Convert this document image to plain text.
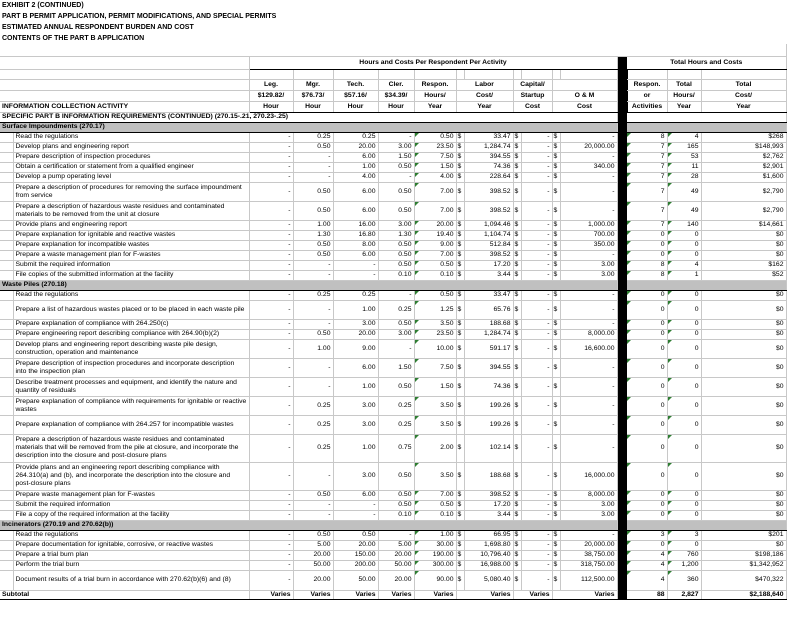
EXHIBIT 2 (CONTINUED)																
PART B PERMIT APPLICATION, PERMIT MODIFICATIONS, AND SPECIAL PERMITS																
ESTIMATED ANNUAL RESPONDENT BURDEN AND COST																
CONTENTS OF THE PART B APPLICATION																

		Hours and Costs Per Respondent Per Activity												Total Hours and Costs		

		Leg.	Mgr.	Tech.	Cler.	Respon.	Labor		Capital/					Respon.	Total	Total
		$129.82/	$76.73/	$57.16/	$34.39/	Hours/	Cost/		Startup		O & M			or	Hours/	Cost/
INFORMATION COLLECTION ACTIVITY		Hour	Hour	Hour	Hour	Year	Year		Cost		Cost			Activities	Year	Year
SPECIFIC PART B INFORMATION REQUIREMENTS (CONTINUED) (270.15-.21, 270.23-.25)																
Surface Impoundments (270.17)																
	Read the regulations	-	0.25	0.25	-	0.50	$	33.47	$	-	$	-		8	4	$268
	Develop plans and engineering report	-	0.50	20.00	3.00	23.50	$	1,284.74	$	-	$	20,000.00		7	165	$148,993
	Prepare description of inspection procedures	-	-	6.00	1.50	7.50	$	394.55	$	-	$	-		7	53	$2,762
	Obtain a certification or statement from a qualified engineer	-	-	1.00	0.50	1.50	$	74.36	$	-	$	340.00		7	11	$2,901
	Develop a pump operating level	-	-	4.00	-	4.00	$	228.64	$	-	$	-		7	28	$1,600
	Prepare a description of procedures for removing the surface impoundment from service	-	0.50	6.00	0.50	7.00	$	398.52	$	-	$	-		7	49	$2,790
	Prepare a description of hazardous waste residues and contaminated materials to be removed from the unit at closure	-	0.50	6.00	0.50	7.00	$	398.52	$	-	$	-		7	49	$2,790
	Provide plans and engineering report	-	1.00	16.00	3.00	20.00	$	1,094.46	$	-	$	1,000.00		7	140	$14,661
	Prepare explanation for ignitable and reactive wastes	-	1.30	16.80	1.30	19.40	$	1,104.74	$	-	$	700.00		0	0	$0
	Prepare explanation for incompatible wastes	-	0.50	8.00	0.50	9.00	$	512.84	$	-	$	350.00		0	0	$0
	Prepare a waste management plan for F-wastes	-	0.50	6.00	0.50	7.00	$	398.52	$	-	$	-		0	0	$0
	Submit the required information	-	-	-	0.50	0.50	$	17.20	$	-	$	3.00		8	4	$162
	File copies of the submitted information at the facility	-	-	-	0.10	0.10	$	3.44	$	-	$	3.00		8	1	$52
Waste Piles (270.18)																
	Read the regulations	-	0.25	0.25	-	0.50	$	33.47	$	-	$	-		0	0	$0
	Prepare a list of hazardous wastes placed or to be placed in each waste pile	-	-	1.00	0.25	1.25	$	65.76	$	-	$	-		0	0	$0
	Prepare explanation of compliance with 264.250(c)	-	-	3.00	0.50	3.50	$	188.68	$	-	$	-		0	0	$0
	Prepare engineering report describing compliance with 264.90(b)(2)	-	0.50	20.00	3.00	23.50	$	1,284.74	$	-	$	8,000.00		0	0	$0
	Develop plans and engineering report describing waste pile design, construction, operation and maintenance	-	1.00	9.00	-	10.00	$	591.17	$	-	$	16,600.00		0	0	$0
	Prepare description of inspection procedures and incorporate description into the inspection plan	-	-	6.00	1.50	7.50	$	394.55	$	-	$	-		0	0	$0
	Describe treatment processes and equipment, and identify the nature and quantity of residuals	-	-	1.00	0.50	1.50	$	74.36	$	-	$	-		0	0	$0
	Prepare explanation of compliance with requirements for ignitable or reactive wastes	-	0.25	3.00	0.25	3.50	$	199.26	$	-	$	-		0	0	$0
	Prepare explanation of compliance with 264.257 for incompatible wastes	-	0.25	3.00	0.25	3.50	$	199.26	$	-	$	-		0	0	$0
	Prepare a description of hazardous waste residues and contaminated materials that will be removed from the pile at closure, and incorporate the description into the closure and post-closure plans	-	0.25	1.00	0.75	2.00	$	102.14	$	-	$	-		0	0	$0
	Provide plans and an engineering report describing compliance with 264.310(a) and (b), and incorporate the description into the closure and post-closure plans	-	-	3.00	0.50	3.50	$	188.68	$	-	$	16,000.00		0	0	$0
	Prepare waste management plan for F-wastes	-	0.50	6.00	0.50	7.00	$	398.52	$	-	$	8,000.00		0	0	$0
	Submit the required information	-	-	-	0.50	0.50	$	17.20	$	-	$	3.00		0	0	$0
	File a copy of the required information at the facility	-	-	-	0.10	0.10	$	3.44	$	-	$	3.00		0	0	$0
Incinerators (270.19 and 270.62(b))																
	Read the regulations	-	0.50	0.50	-	1.00	$	66.95	$	-	$	-		3	3	$201
	Prepare documentation for ignitable, corrosive, or reactive wastes	-	5.00	20.00	5.00	30.00	$	1,698.80	$	-	$	20,000.00		0	0	$0
	Prepare a trial burn plan	-	20.00	150.00	20.00	190.00	$	10,796.40	$	-	$	38,750.00		4	760	$198,186
	Perform the trial burn	-	50.00	200.00	50.00	300.00	$	16,988.00	$	-	$	318,750.00		4	1,200	$1,342,952
	Document results of a trial burn in accordance with 270.62(b)(6) and (8)	-	20.00	50.00	20.00	90.00	$	5,080.40	$	-	$	112,500.00		4	360	$470,322
Subtotal		Varies	Varies	Varies	Varies	Varies	Varies		Varies		Varies			88	2,827	$2,188,640
